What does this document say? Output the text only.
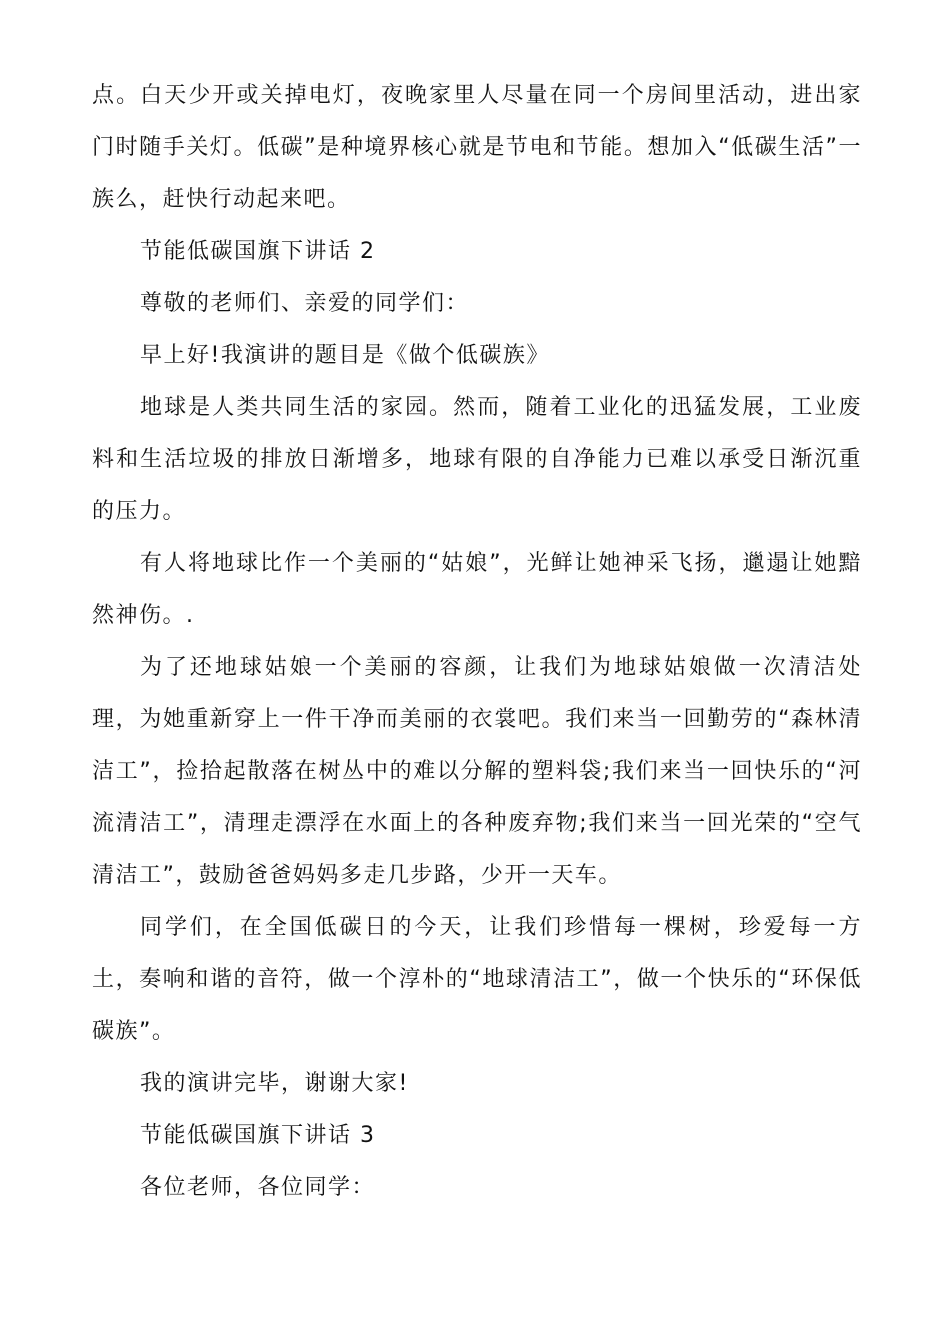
点。白天少开或关掉电灯，夜晚家里人尽量在同一个房间里活动，进出家门时随手关灯。低碳”是种境界核心就是节电和节能。想加入“低碳生活”一族么，赶快行动起来吧。

节能低碳国旗下讲话 2

尊敬的老师们、亲爱的同学们：

早上好!我演讲的题目是《做个低碳族》

地球是人类共同生活的家园。然而，随着工业化的迅猛发展，工业废料和生活垃圾的排放日渐增多，地球有限的自净能力已难以承受日渐沉重的压力。

有人将地球比作一个美丽的“姑娘”，光鲜让她神采飞扬，邋遢让她黯然神伤。.

为了还地球姑娘一个美丽的容颜，让我们为地球姑娘做一次清洁处理，为她重新穿上一件干净而美丽的衣裳吧。我们来当一回勤劳的“森林清洁工”，捡拾起散落在树丛中的难以分解的塑料袋;我们来当一回快乐的“河流清洁工”，清理走漂浮在水面上的各种废弃物;我们来当一回光荣的“空气清洁工”，鼓励爸爸妈妈多走几步路，少开一天车。

同学们，在全国低碳日的今天，让我们珍惜每一棵树，珍爱每一方土，奏响和谐的音符，做一个淳朴的“地球清洁工”，做一个快乐的“环保低碳族”。

我的演讲完毕，谢谢大家!

节能低碳国旗下讲话 3

各位老师，各位同学：
